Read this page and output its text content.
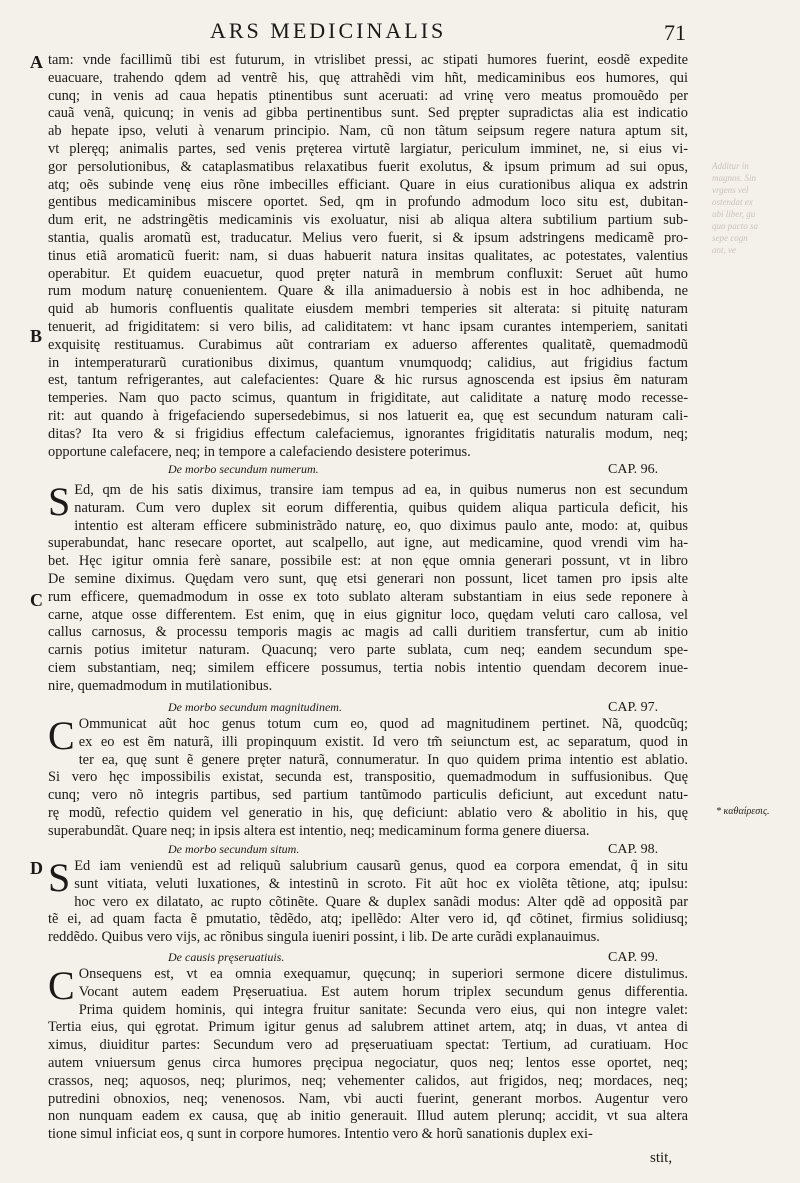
ARS MEDICINALIS	71
A
B
C
D
* καθαίρεσις.
Additur in
magnos. Sin
vrgens vel
ostendat ex
ubi liber, gu
quo pacto sa
sepe cogn
ant, ve
tam: vnde facillimũ tibi est futurum, in vtrislibet pressi, ac stipati humores fuerint, eosdẽ expedite
euacuare, trahendo qdem ad ventrẽ his, quę attrahẽdi vim hñt, medicaminibus eos humores, qui
cunq; in venis ad caua hepatis ptinentibus sunt aceruati: ad vrinę vero meatus promouẽdo per
cauã venã, quicunq; in venis ad gibba pertinentibus sunt. Sed prępter supradictas alia est indicatio
ab hepate ipso, veluti à venarum principio. Nam, cũ non tãtum seipsum regere natura aptum sit,
vt pleręq; animalis partes, sed venis pręterea virtutẽ largiatur, periculum imminet, ne, si eius vi-
gor persolutionibus, & cataplasmatibus relaxatibus fuerit exolutus, & ipsum primum ad sui opus,
atq; oẽs subinde venę eius rõne imbecilles efficiant. Quare in eius curationibus aliqua ex adstrin
gentibus medicaminibus miscere oportet. Sed, qm in profundo admodum loco situ est, dubitan-
dum erit, ne adstringẽtis medicaminis vis exoluatur, nisi ab aliqua altera subtilium partium sub-
stantia, qualis aromatũ est, traducatur. Melius vero fuerit, si & ipsum adstringens medicamẽ pro-
tinus etiã aromaticũ fuerit: nam, si duas habuerit natura insitas qualitates, ac potestates, valentius
operabitur. Et quidem euacuetur, quod pręter naturã in membrum confluxit: Seruet aũt humo
rum modum naturę conuenientem. Quare & illa animaduersio à nobis est in hoc adhibenda, ne
quid ab humoris confluentis qualitate eiusdem membri temperies sit alterata: si pituitę naturam
tenuerit, ad frigiditatem: si vero bilis, ad caliditatem: vt hanc ipsam curantes intemperiem, sanitati
exquisitę restituamus. Curabimus aũt contrariam ex aduerso afferentes qualitatẽ, quemadmodũ
in intemperaturarũ curationibus diximus, quantum vnumquodq; calidius, aut frigidius factum
est, tantum refrigerantes, aut calefacientes: Quare & hic rursus agnoscenda est ipsius ẽm naturam
temperies. Nam quo pacto scimus, quantum in frigiditate, aut caliditate a naturę modo recesse-
rit: aut quando à frigefaciendo supersedebimus, si nos latuerit ea, quę est secundum naturam cali-
ditas? Ita vero & si frigidius effectum calefaciemus, ignorantes frigiditatis naturalis modum, neq;
opportune calefacere, neq; in tempore a calefaciendo desistere poterimus.
De morbo secundum numerum.	CAP. 96.
S Ed, qm de his satis diximus, transire iam tempus ad ea, in quibus numerus non est secundum
naturam. Cum vero duplex sit eorum differentia, quibus quidem aliqua particula deficit, his
intentio est alteram efficere subministrãdo naturę, eo, quo diximus paulo ante, modo: at, quibus
superabundat, hanc resecare oportet, aut scalpello, aut igne, aut medicamine, quod vrendi vim ha-
bet. Hęc igitur omnia ferè sanare, possibile est: at non ęque omnia generari possunt, vt in libro
De semine diximus. Quędam vero sunt, quę etsi generari non possunt, licet tamen pro ipsis alte
rum efficere, quemadmodum in osse ex toto sublato alteram substantiam in eius sede reponere à
carne, atque osse differentem. Est enim, quę in eius gignitur loco, quędam veluti caro callosa, vel
callus carnosus, & processu temporis magis ac magis ad calli duritiem transfertur, cum ab initio
carnis potius imitetur naturam. Quacunq; vero parte sublata, cum neq; eandem secundum spe-
ciem substantiam, neq; similem efficere possumus, tertia nobis intentio quendam decorem inue-
nire, quemadmodum in mutilationibus.
De morbo secundum magnitudinem.	CAP. 97.
C Ommunicat aũt hoc genus totum cum eo, quod ad magnitudinem pertinet. Nã, quodcũq;
ex eo est ẽm naturã, illi propinquum existit. Id vero tm̃ seiunctum est, ac separatum, quod in
ter ea, quę sunt ẽ genere pręter naturã, connumeratur. In quo quidem prima intentio est ablatio.
Si vero hęc impossibilis existat, secunda est, transpositio, quemadmodum in suffusionibus. Quę
cunq; vero nõ integris partibus, sed partium tantũmodo particulis deficiunt, aut excedunt natu-
rę modũ, refectio quidem vel generatio in his, quę deficiunt: ablatio vero & abolitio in his, quę
superabundãt. Quare neq; in ipsis altera est intentio, neq; medicaminum forma genere diuersa.
De morbo secundum situm.	CAP. 98.
S Ed iam veniendũ est ad reliquũ salubrium causarũ genus, quod ea corpora emendat, q̃ in situ
sunt vitiata, veluti luxationes, & intestinũ in scroto. Fit aũt hoc ex violẽta tẽtione, atq; ipulsu:
hoc vero ex dilatato, ac rupto cõtinẽte. Quare & duplex sanãdi modus: Alter qdẽ ad oppositã par
tẽ ei, ad quam facta ẽ pmutatio, tẽdẽdo, atq; ipellẽdo: Alter vero id, qđ cõtinet, firmius solidiusq;
reddẽdo. Quibus vero vĳs, ac rõnibus singula iueniri possint, i lib. De arte curãdi explanauimus.
De causis pręseruatiuis.	CAP. 99.
C Onsequens est, vt ea omnia exequamur, quęcunq; in superiori sermone dicere distulimus.
Vocant autem eadem Pręseruatiua. Est autem horum triplex secundum genus differentia.
Prima quidem hominis, qui integra fruitur sanitate: Secunda vero eius, qui non integre valet:
Tertia eius, qui ęgrotat. Primum igitur genus ad salubrem attinet artem, atq; in duas, vt antea di
ximus, diuiditur partes: Secundum vero ad pręseruatiuam spectat: Tertium, ad curatiuam. Hoc
autem vniuersum genus circa humores pręcipua negociatur, quos neq; lentos esse oportet, neq;
crassos, neq; aquosos, neq; plurimos, neq; vehementer calidos, aut frigidos, neq; mordaces, neq;
putredini obnoxios, neq; venenosos. Nam, vbi aucti fuerint, generant morbos. Augentur vero
non nunquam eadem ex causa, quę ab initio generauit. Illud autem plerunq; accidit, vt sua altera
tione simul inficiat eos, q sunt in corpore humores. Intentio vero & horũ sanationis duplex exi-
stit,
